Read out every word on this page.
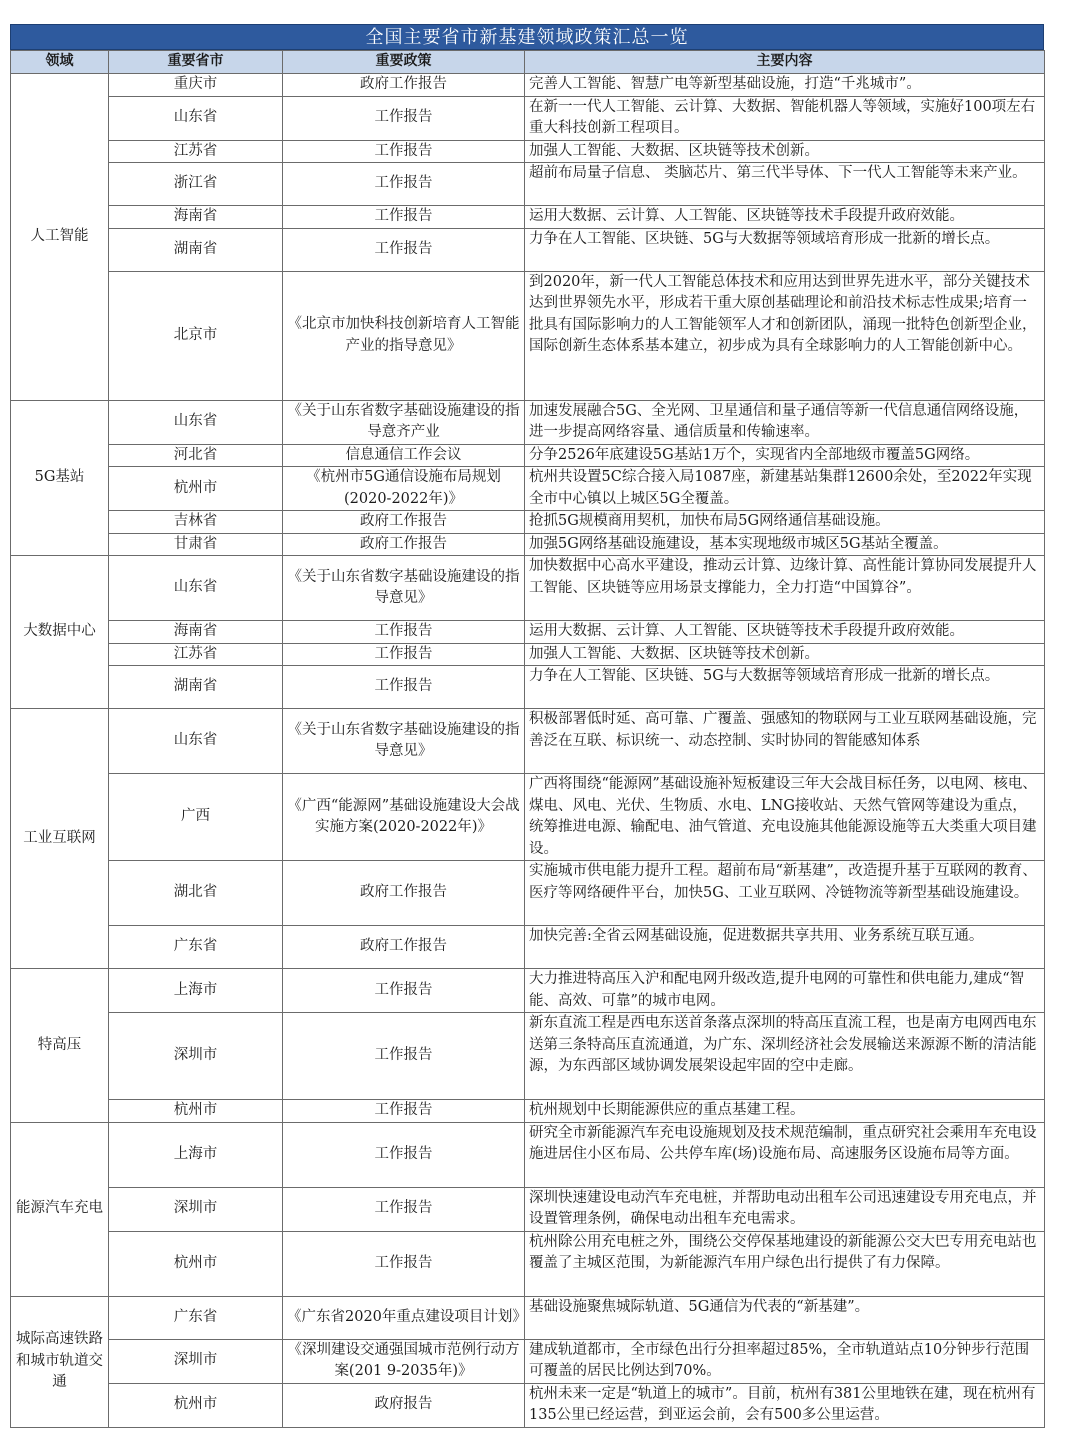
全国主要省市新基建领域政策汇总一览
领域	重要省市	重要政策	主要内容
人工智能	重庆市	政府工作报告	完善人工智能、智慧广电等新型基础设施，打造“千兆城市”。
	山东省	工作报告	在新一一代人工智能、云计算、大数据、智能机器人等领域，实施好100项左右重大科技创新工程项目。
	江苏省	工作报告	加强人工智能、大数据、区块链等技术创新。
	浙江省	工作报告	超前布局量子信息、 类脑芯片、第三代半导体、下一代人工智能等未来产业。
	海南省	工作报告	运用大数据、云计算、人工智能、区块链等技术手段提升政府效能。
	湖南省	工作报告	力争在人工智能、区块链、5G与大数据等领域培育形成一批新的增长点。
	北京市	《北京市加快科技创新培育人工智能产业的指导意见》	到2020年，新一代人工智能总体技术和应用达到世界先进水平，部分关键技术达到世界领先水平，形成若干重大原创基础理论和前沿技术标志性成果;培育一批具有国际影响力的人工智能领军人才和创新团队，涌现一批特色创新型企业，国际创新生态体系基本建立，初步成为具有全球影响力的人工智能创新中心。
5G基站	山东省	《关于山东省数字基础设施建设的指导意齐产业	加速发展融合5G、全光网、卫星通信和量子通信等新一代信息通信网络设施，进一步提高网络容量、通信质量和传输速率。
	河北省	信息通信工作会议	分争2526年底建设5G基站1万个，实现省内全部地级市覆盖5G网络。
	杭州市	《杭州市5G通信设施布局规划(2020-2022年)》	杭州共设置5C综合接入局1087座，新建基站集群12600余处，至2022年实现全市中心镇以上城区5G全覆盖。
	吉林省	政府工作报告	抢抓5G规模商用契机，加快布局5G网络通信基础设施。
	甘肃省	政府工作报告	加强5G网络基础设施建设，基本实现地级市城区5G基站全覆盖。
大数据中心	山东省	《关于山东省数字基础设施建设的指导意见》	加快数据中心高水平建设，推动云计算、边缘计算、高性能计算协同发展提升人工智能、区块链等应用场景支撑能力，全力打造“中国算谷”。
	海南省	工作报告	运用大数据、云计算、人工智能、区块链等技术手段提升政府效能。
	江苏省	工作报告	加强人工智能、大数据、区块链等技术创新。
	湖南省	工作报告	力争在人工智能、区块链、5G与大数据等领域培育形成一批新的增长点。
工业互联网	山东省	《关于山东省数字基础设施建设的指导意见》	积极部署低时延、高可靠、广覆盖、强感知的物联网与工业互联网基础设施，完善泛在互联、标识统一、动态控制、实时协同的智能感知体系
	广西	《广西“能源网”基础设施建设大会战实施方案(2020-2022年)》	广西将围绕“能源网”基础设施补短板建设三年大会战目标任务，以电网、核电、煤电、风电、光伏、生物质、水电、LNG接收站、天然气管网等建设为重点，统筹推进电源、输配电、油气管道、充电设施其他能源设施等五大类重大项目建设。
	湖北省	政府工作报告	实施城市供电能力提升工程。超前布局“新基建”，改造提升基于互联网的教育、医疗等网络硬件平台，加快5G、工业互联网、冷链物流等新型基础设施建设。
	广东省	政府工作报告	加快完善:全省云网基础设施，促进数据共享共用、业务系统互联互通。
特高压	上海市	工作报告	大力推进特高压入沪和配电网升级改造,提升电网的可靠性和供电能力,建成“智能、高效、可靠”的城市电网。
	深圳市	工作报告	新东直流工程是西电东送首条落点深圳的特高压直流工程，也是南方电网西电东送第三条特高压直流通道，为广东、深圳经济社会发展输送来源源不断的清洁能源，为东西部区域协调发展架设起牢固的空中走廊。
	杭州市	工作报告	杭州规划中长期能源供应的重点基建工程。
能源汽车充电	上海市	工作报告	研究全市新能源汽车充电设施规划及技术规范编制，重点研究社会乘用车充电设施进居住小区布局、公共停车库(场)设施布局、高速服务区设施布局等方面。
	深圳市	工作报告	深圳快速建设电动汽车充电桩，并帮助电动出租车公司迅速建设专用充电点，并设置管理条例，确保电动出租车充电需求。
	杭州市	工作报告	杭州除公用充电桩之外，围绕公交停保基地建设的新能源公交大巴专用充电站也覆盖了主城区范围，为新能源汽车用户绿色出行提供了有力保障。
城际高速铁路和城市轨道交通	广东省	《广东省2020年重点建设项目计划》	基础设施聚焦城际轨道、5G通信为代表的“新基建”。
	深圳市	《深圳建设交通强国城市范例行动方案(201 9-2035年)》	建成轨道都市，全市绿色出行分担率超过85%，全市轨道站点10分钟步行范围可覆盖的居民比例达到70%。
	杭州市	政府报告	杭州未来一定是“轨道上的城市”。目前，杭州有381公里地铁在建，现在杭州有135公里已经运营，到亚运会前，会有500多公里运营。
